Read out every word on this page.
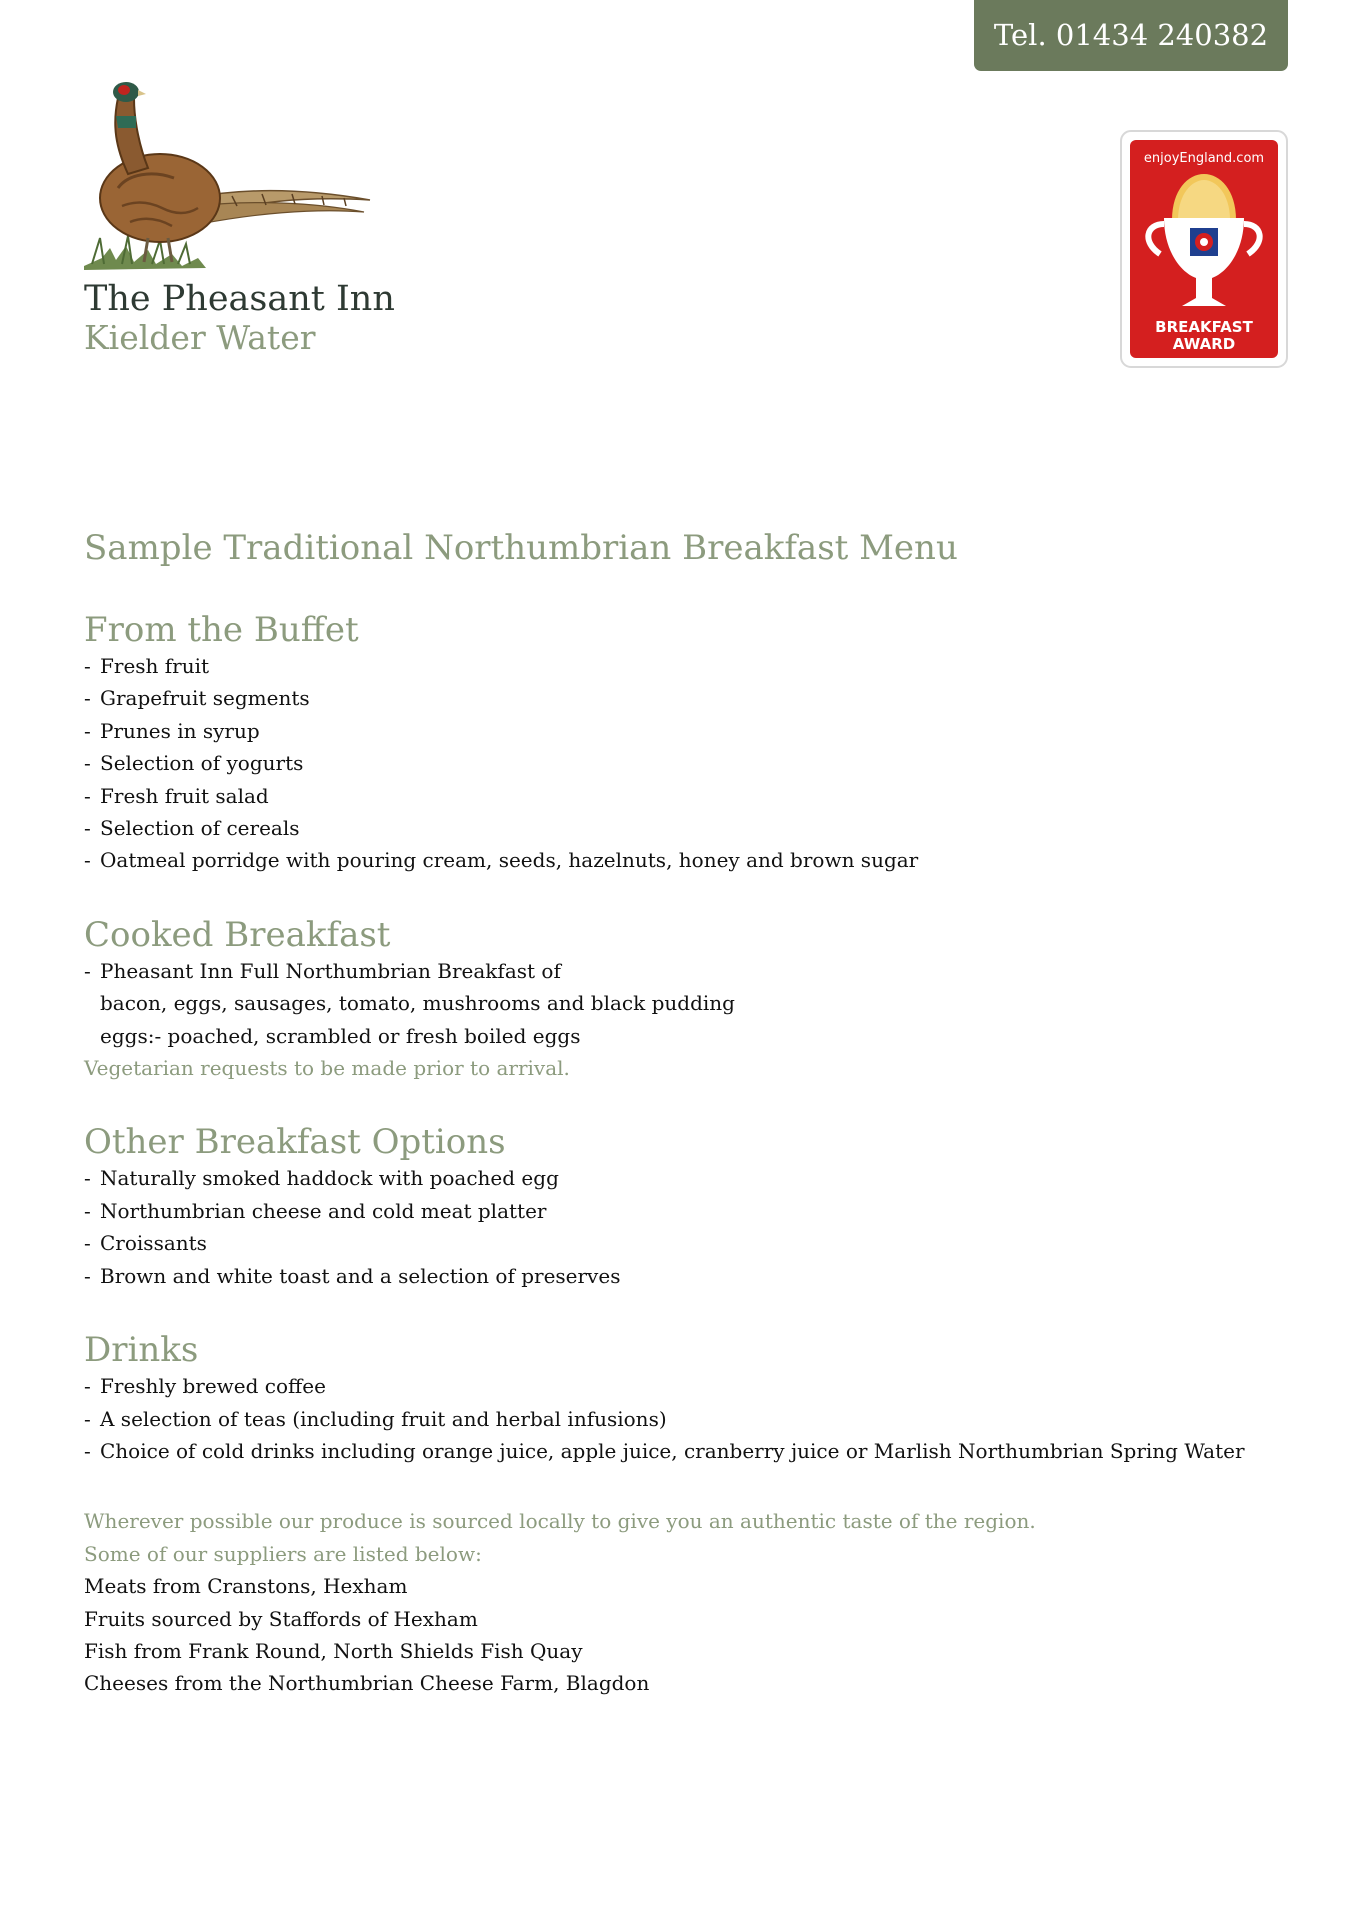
Tel. 01434 240382
The Pheasant Inn
Kielder Water
enjoyEngland.com
BREAKFAST
AWARD
Sample Traditional Northumbrian Breakfast Menu
From the Buffet
- Fresh fruit
- Grapefruit segments
- Prunes in syrup
- Selection of yogurts
- Fresh fruit salad
- Selection of cereals
- Oatmeal porridge with pouring cream, seeds, hazelnuts, honey and brown sugar
Cooked Breakfast
- Pheasant Inn Full Northumbrian Breakfast of
bacon, eggs, sausages, tomato, mushrooms and black pudding
eggs:- poached, scrambled or fresh boiled eggs
Vegetarian requests to be made prior to arrival.
Other Breakfast Options
- Naturally smoked haddock with poached egg
- Northumbrian cheese and cold meat platter
- Croissants
- Brown and white toast and a selection of preserves
Drinks
- Freshly brewed coffee
- A selection of teas (including fruit and herbal infusions)
- Choice of cold drinks including orange juice, apple juice, cranberry juice or Marlish Northumbrian Spring Water
Wherever possible our produce is sourced locally to give you an authentic taste of the region.
Some of our suppliers are listed below:
Meats from Cranstons, Hexham
Fruits sourced by Staffords of Hexham
Fish from Frank Round, North Shields Fish Quay
Cheeses from the Northumbrian Cheese Farm, Blagdon
